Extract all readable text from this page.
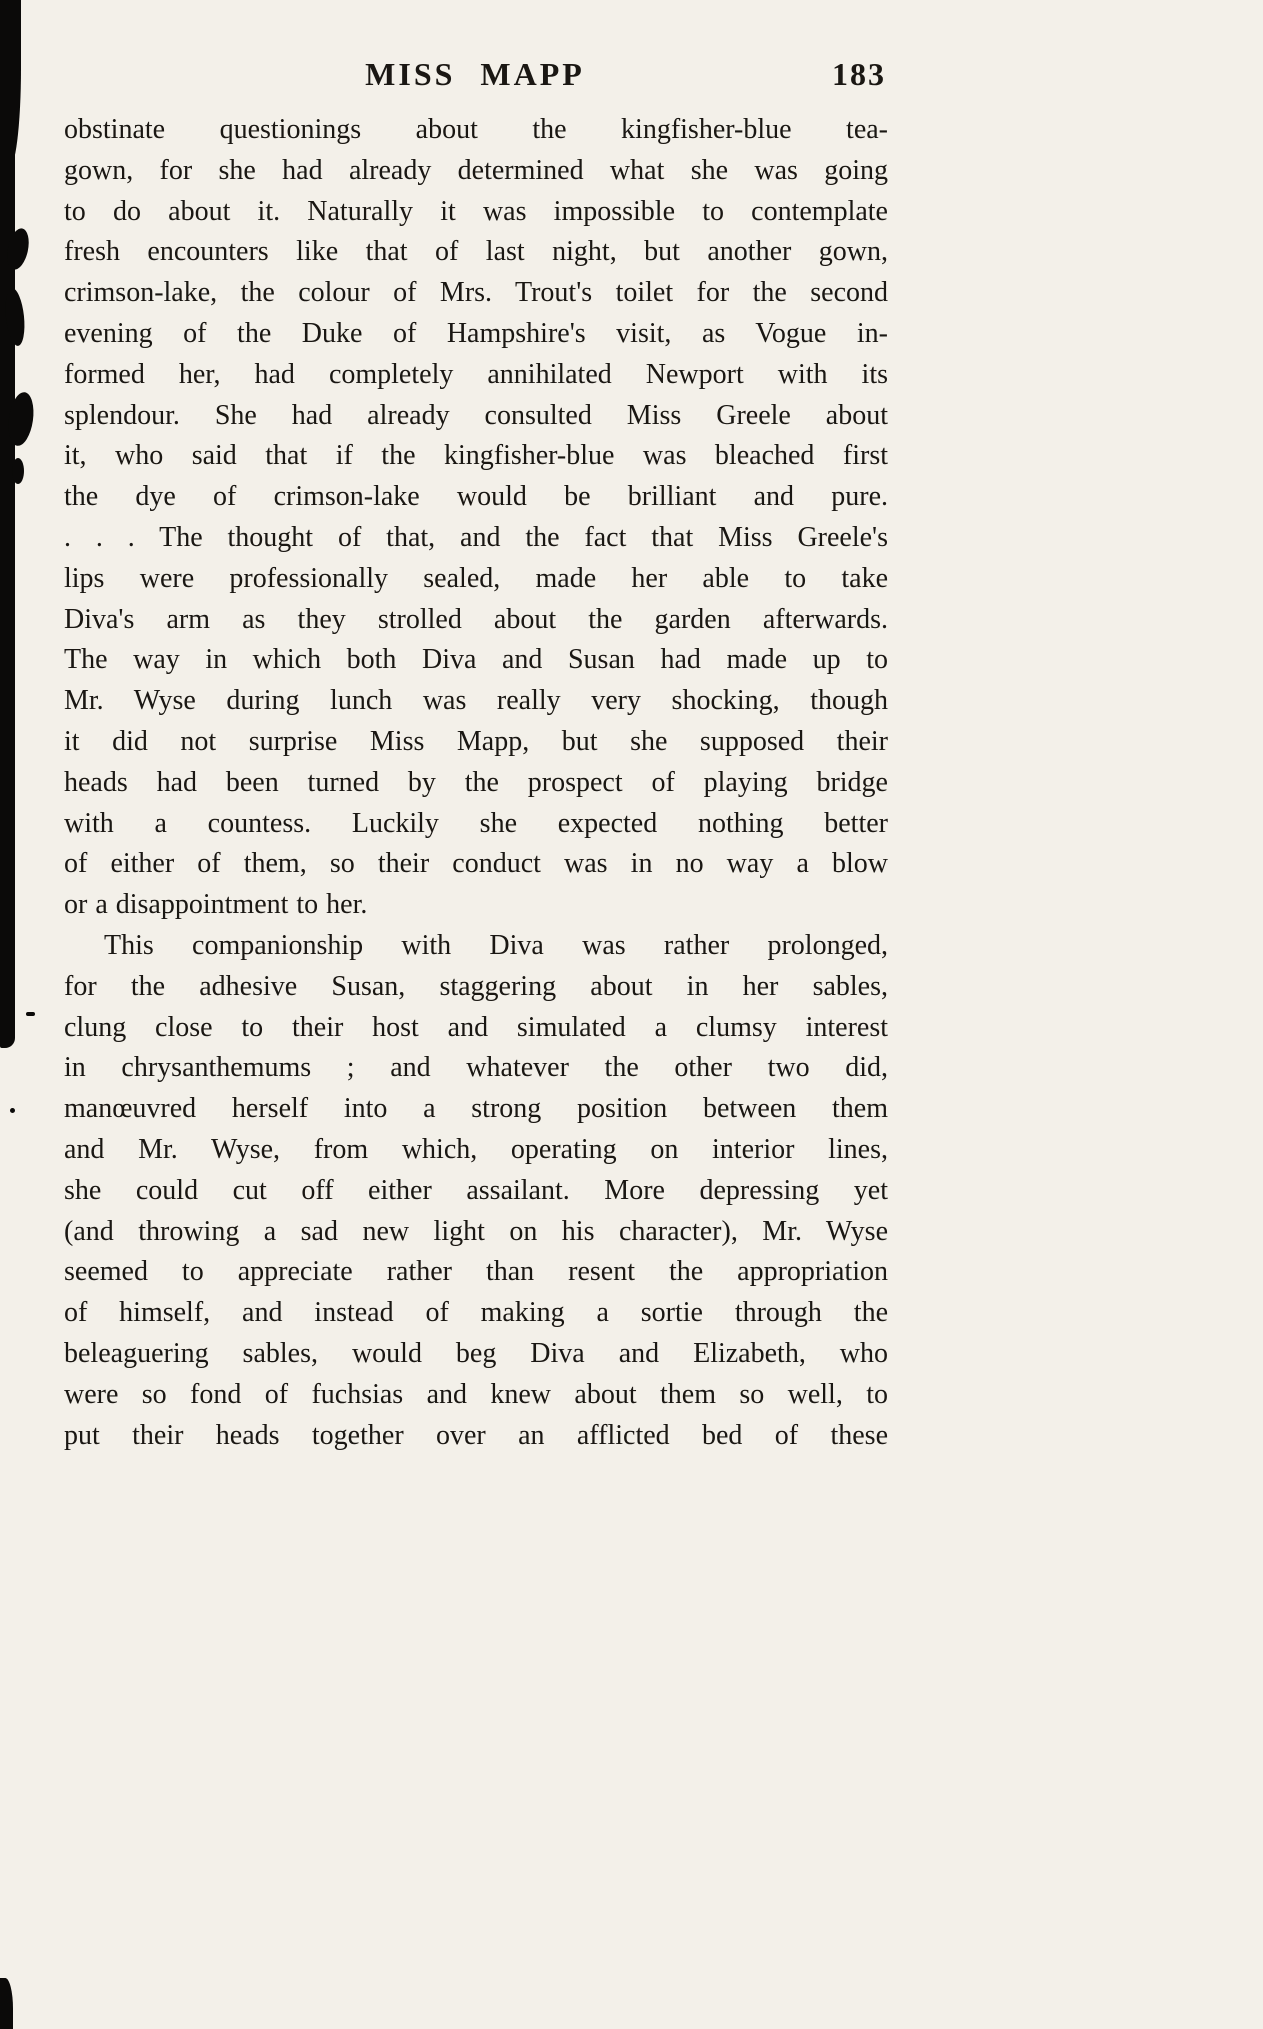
MISS MAPP	183
obstinate questionings about the kingfisher-blue tea-
gown, for she had already determined what she was going
to do about it. Naturally it was impossible to contemplate
fresh encounters like that of last night, but another gown,
crimson-lake, the colour of Mrs. Trout's toilet for the second
evening of the Duke of Hampshire's visit, as Vogue in-
formed her, had completely annihilated Newport with its
splendour. She had already consulted Miss Greele about
it, who said that if the kingfisher-blue was bleached first
the dye of crimson-lake would be brilliant and pure.
. . . The thought of that, and the fact that Miss Greele's
lips were professionally sealed, made her able to take
Diva's arm as they strolled about the garden afterwards.
The way in which both Diva and Susan had made up to
Mr. Wyse during lunch was really very shocking, though
it did not surprise Miss Mapp, but she supposed their
heads had been turned by the prospect of playing bridge
with a countess. Luckily she expected nothing better
of either of them, so their conduct was in no way a blow
or a disappointment to her.
This companionship with Diva was rather prolonged,
for the adhesive Susan, staggering about in her sables,
clung close to their host and simulated a clumsy interest
in chrysanthemums ; and whatever the other two did,
manœuvred herself into a strong position between them
and Mr. Wyse, from which, operating on interior lines,
she could cut off either assailant. More depressing yet
(and throwing a sad new light on his character), Mr. Wyse
seemed to appreciate rather than resent the appropriation
of himself, and instead of making a sortie through the
beleaguering sables, would beg Diva and Elizabeth, who
were so fond of fuchsias and knew about them so well, to
put their heads together over an afflicted bed of these
